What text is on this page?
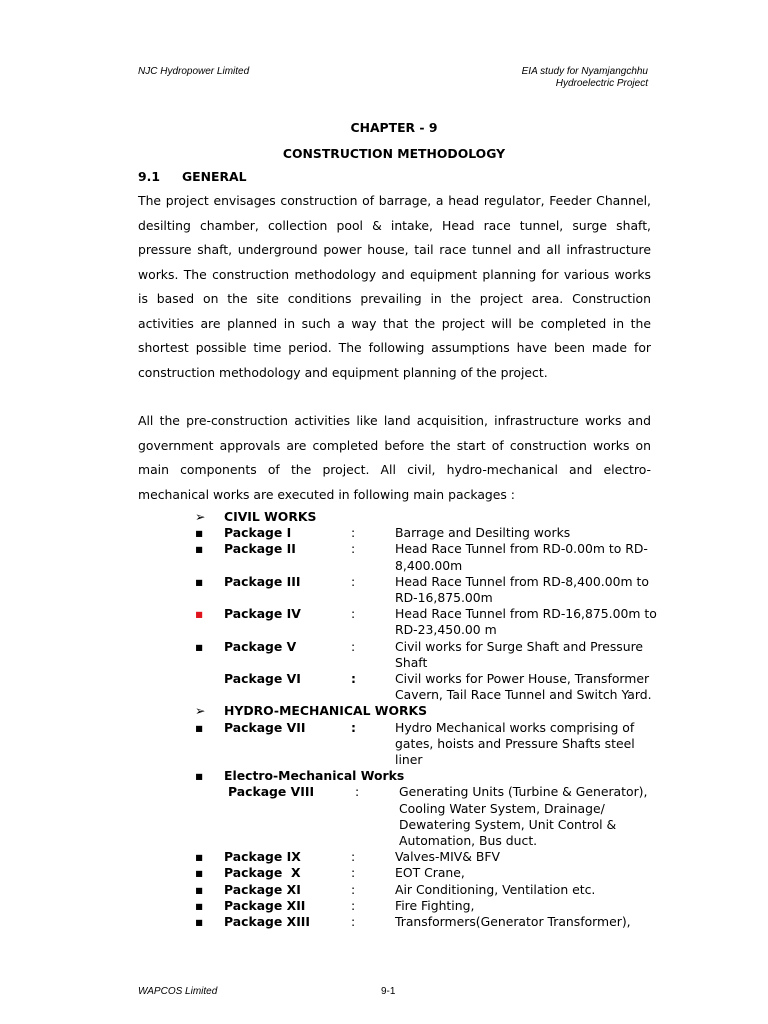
NJC Hydropower Limited	EIA study for Nyamjangchhu
Hydroelectric Project
CHAPTER - 9
CONSTRUCTION METHODOLOGY
9.1 GENERAL
The project envisages construction of barrage, a head regulator, Feeder Channel, desilting chamber, collection pool & intake, Head race tunnel, surge shaft, pressure shaft, underground power house, tail race tunnel and all infrastructure works. The construction methodology and equipment planning for various works is based on the site conditions prevailing in the project area. Construction activities are planned in such a way that the project will be completed in the shortest possible time period. The following assumptions have been made for construction methodology and equipment planning of the project.
All the pre-construction activities like land acquisition, infrastructure works and government approvals are completed before the start of construction works on main components of the project. All civil, hydro-mechanical and electro-mechanical works are executed in following main packages :
➢	CIVIL WORKS
▪	Package I	:	Barrage and Desilting works
▪	Package II	:	Head Race Tunnel from RD-0.00m to RD-8,400.00m
▪	Package III	:	Head Race Tunnel from RD-8,400.00m to RD-16,875.00m
▪	Package IV	:	Head Race Tunnel from RD-16,875.00m to RD-23,450.00 m
▪	Package V	:	Civil works for Surge Shaft and Pressure Shaft
Package VI	:	Civil works for Power House, Transformer Cavern, Tail Race Tunnel and Switch Yard.
➢	HYDRO-MECHANICAL WORKS
▪	Package VII	:	Hydro Mechanical works comprising of gates, hoists and Pressure Shafts steel liner
▪	Electro-Mechanical Works
Package VIII	:	Generating Units (Turbine & Generator), Cooling Water System, Drainage/ Dewatering System, Unit Control & Automation, Bus duct.
▪	Package IX	:	Valves-MIV& BFV
▪	Package  X	:	EOT Crane,
▪	Package XI	:	Air Conditioning, Ventilation etc.
▪	Package XII	:	Fire Fighting,
▪	Package XIII	:	Transformers(Generator Transformer),
WAPCOS Limited	9-1
